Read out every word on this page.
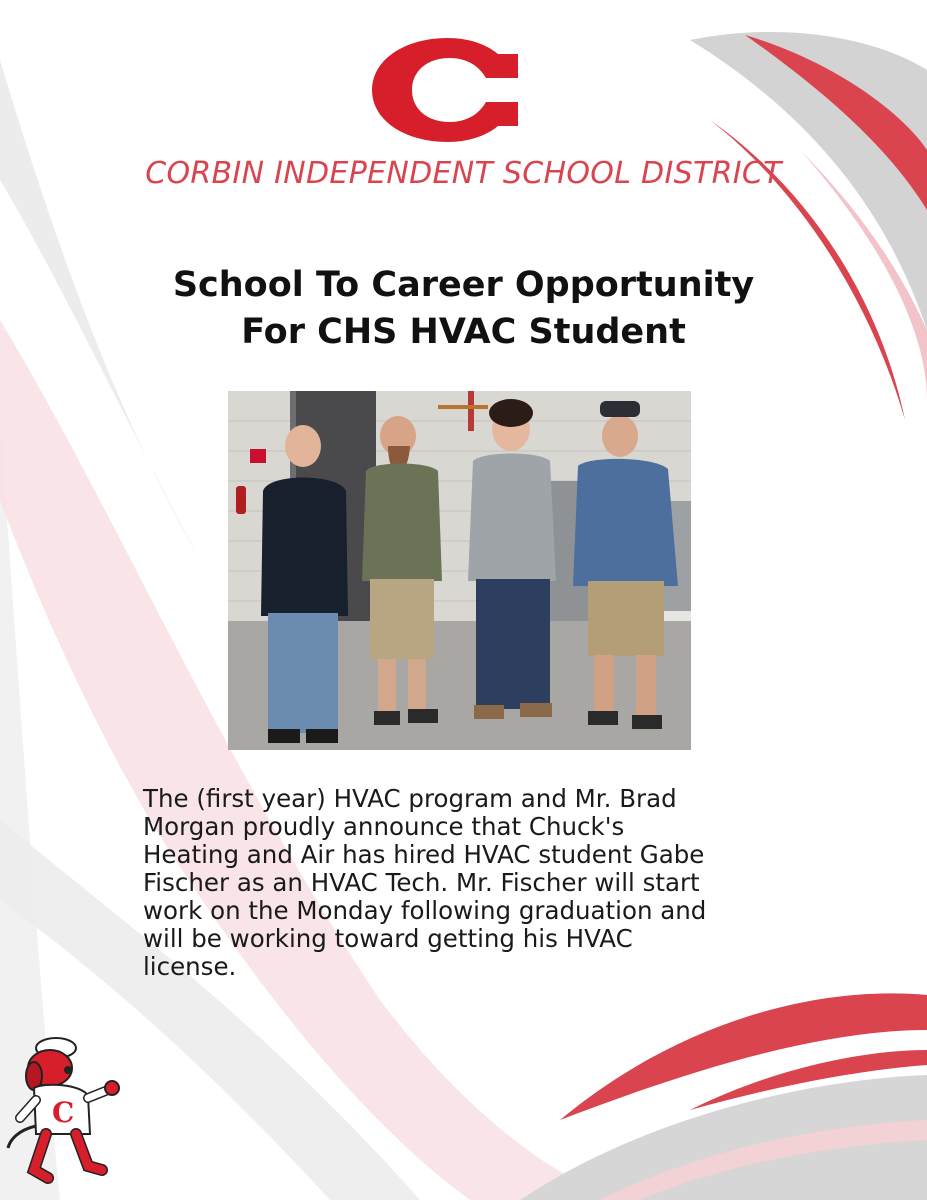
CORBIN INDEPENDENT SCHOOL DISTRICT
School To Career Opportunity
For CHS HVAC Student
The (first year) HVAC program and Mr. Brad
Morgan proudly announce that Chuck's
Heating and Air has hired HVAC student Gabe
Fischer as an HVAC Tech. Mr. Fischer will start
work on the Monday following graduation and
will be working toward getting his HVAC
license.
C
